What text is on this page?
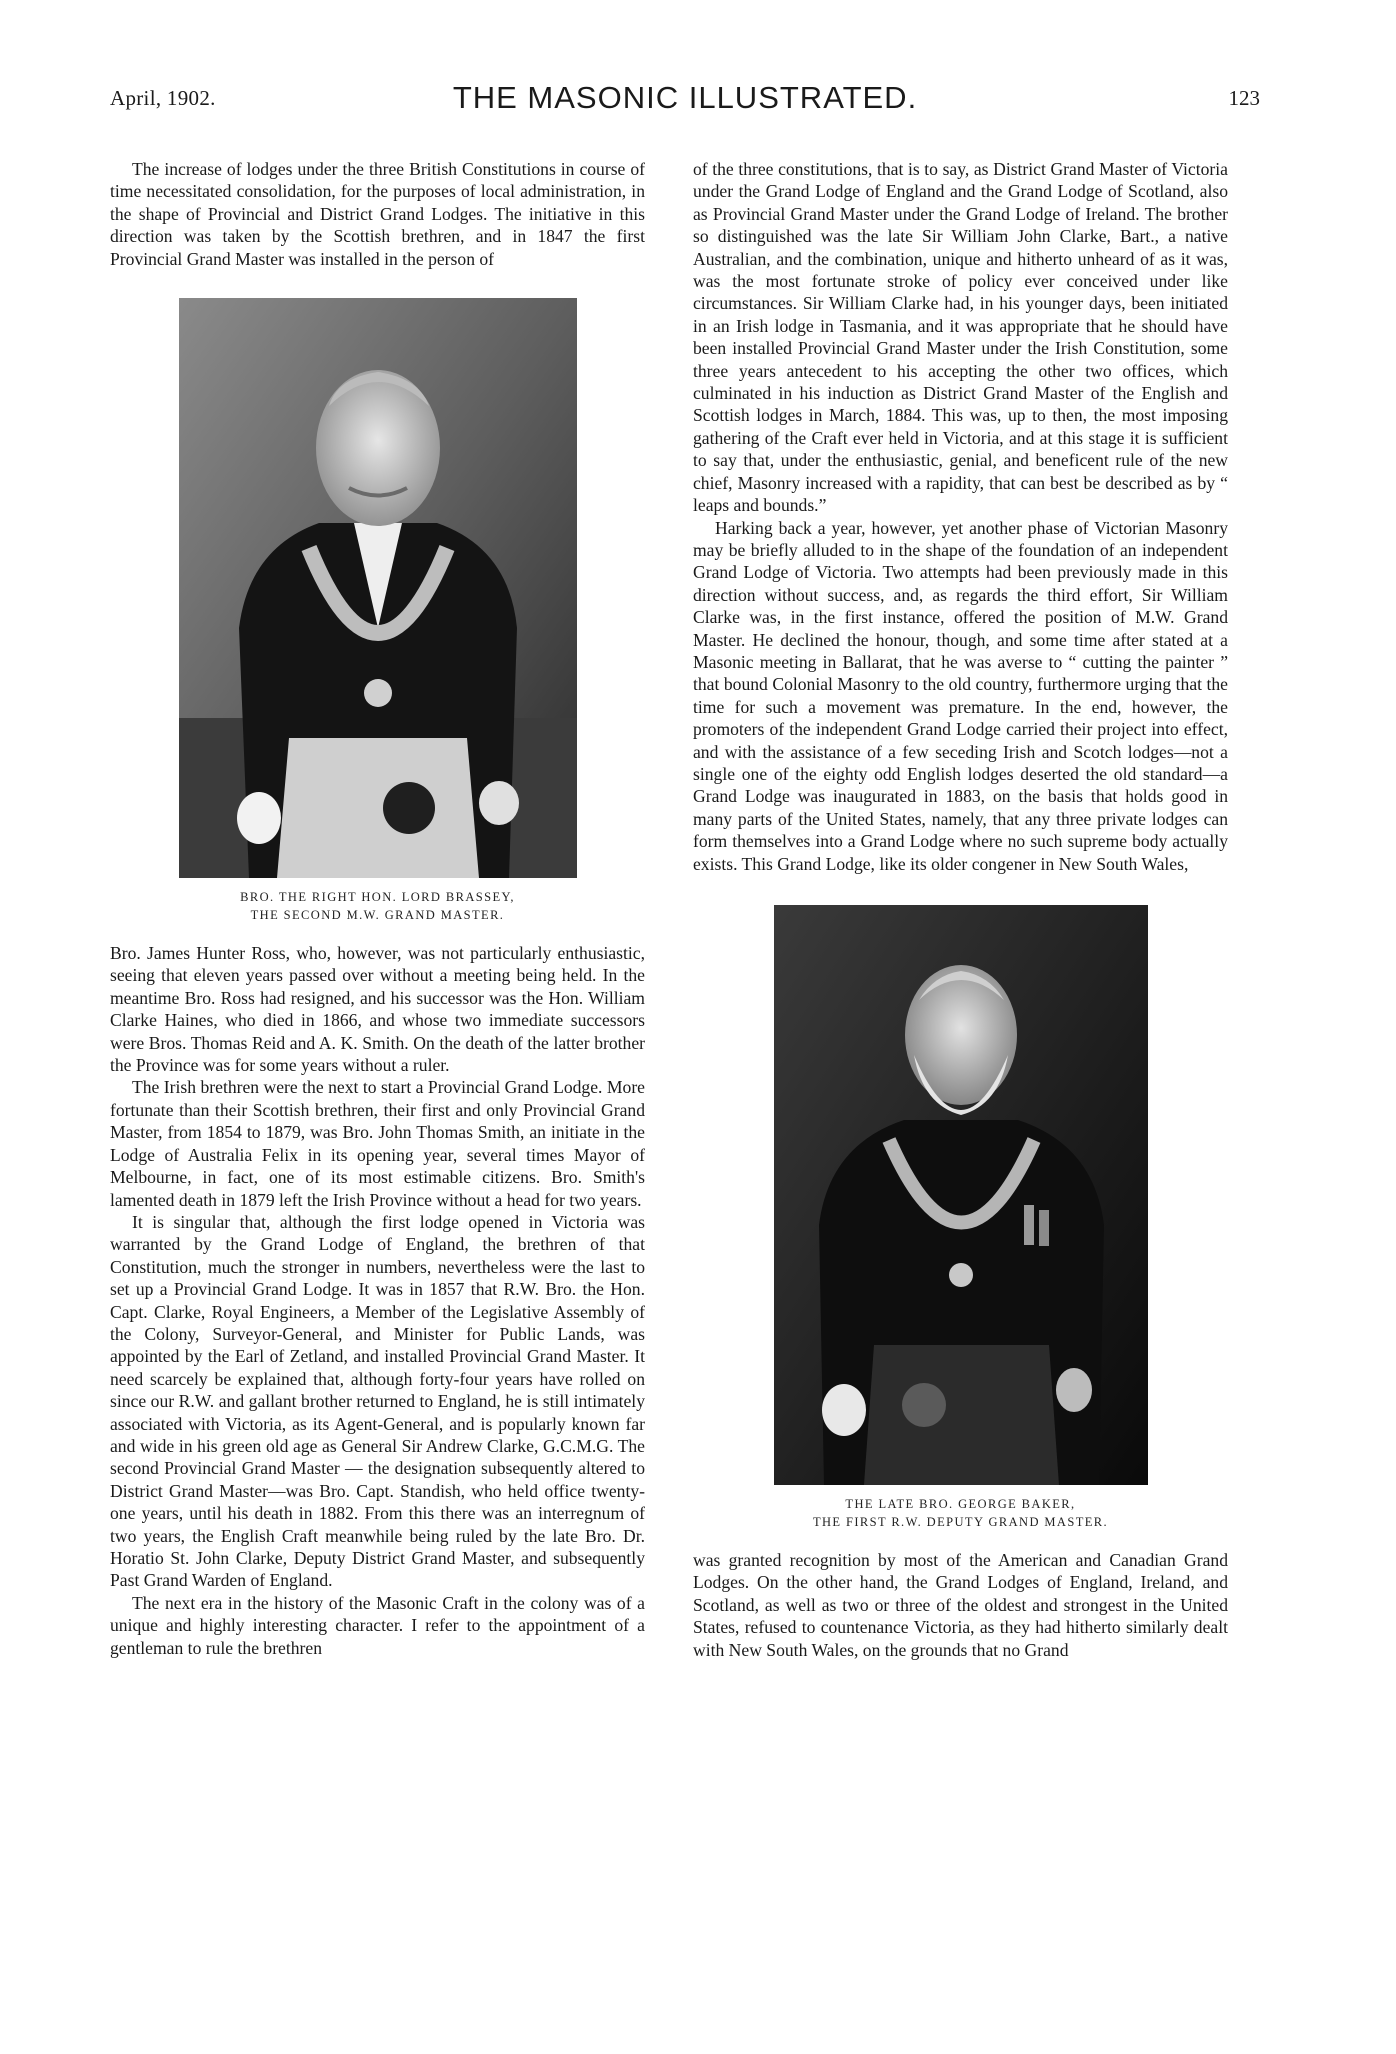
April, 1902.	THE MASONIC ILLUSTRATED.	123

The increase of lodges under the three British Constitutions in course of time necessitated consolidation, for the purposes of local administration, in the shape of Provincial and District Grand Lodges. The initiative in this direction was taken by the Scottish brethren, and in 1847 the first Provincial Grand Master was installed in the person of

BRO. THE RIGHT HON. LORD BRASSEY,
THE SECOND M.W. GRAND MASTER.

Bro. James Hunter Ross, who, however, was not particularly enthusiastic, seeing that eleven years passed over without a meeting being held. In the meantime Bro. Ross had resigned, and his successor was the Hon. William Clarke Haines, who died in 1866, and whose two immediate successors were Bros. Thomas Reid and A. K. Smith. On the death of the latter brother the Province was for some years without a ruler.

The Irish brethren were the next to start a Provincial Grand Lodge. More fortunate than their Scottish brethren, their first and only Provincial Grand Master, from 1854 to 1879, was Bro. John Thomas Smith, an initiate in the Lodge of Australia Felix in its opening year, several times Mayor of Melbourne, in fact, one of its most estimable citizens. Bro. Smith's lamented death in 1879 left the Irish Province without a head for two years.

It is singular that, although the first lodge opened in Victoria was warranted by the Grand Lodge of England, the brethren of that Constitution, much the stronger in numbers, nevertheless were the last to set up a Provincial Grand Lodge. It was in 1857 that R.W. Bro. the Hon. Capt. Clarke, Royal Engineers, a Member of the Legislative Assembly of the Colony, Surveyor-General, and Minister for Public Lands, was appointed by the Earl of Zetland, and installed Provincial Grand Master. It need scarcely be explained that, although forty-four years have rolled on since our R.W. and gallant brother returned to England, he is still intimately associated with Victoria, as its Agent-General, and is popularly known far and wide in his green old age as General Sir Andrew Clarke, G.C.M.G. The second Provincial Grand Master — the designation subsequently altered to District Grand Master—was Bro. Capt. Standish, who held office twenty-one years, until his death in 1882. From this there was an interregnum of two years, the English Craft meanwhile being ruled by the late Bro. Dr. Horatio St. John Clarke, Deputy District Grand Master, and subsequently Past Grand Warden of England.

The next era in the history of the Masonic Craft in the colony was of a unique and highly interesting character. I refer to the appointment of a gentleman to rule the brethren

of the three constitutions, that is to say, as District Grand Master of Victoria under the Grand Lodge of England and the Grand Lodge of Scotland, also as Provincial Grand Master under the Grand Lodge of Ireland. The brother so distinguished was the late Sir William John Clarke, Bart., a native Australian, and the combination, unique and hitherto unheard of as it was, was the most fortunate stroke of policy ever conceived under like circumstances. Sir William Clarke had, in his younger days, been initiated in an Irish lodge in Tasmania, and it was appropriate that he should have been installed Provincial Grand Master under the Irish Constitution, some three years antecedent to his accepting the other two offices, which culminated in his induction as District Grand Master of the English and Scottish lodges in March, 1884. This was, up to then, the most imposing gathering of the Craft ever held in Victoria, and at this stage it is sufficient to say that, under the enthusiastic, genial, and beneficent rule of the new chief, Masonry increased with a rapidity, that can best be described as by “ leaps and bounds.”

Harking back a year, however, yet another phase of Victorian Masonry may be briefly alluded to in the shape of the foundation of an independent Grand Lodge of Victoria. Two attempts had been previously made in this direction without success, and, as regards the third effort, Sir William Clarke was, in the first instance, offered the position of M.W. Grand Master. He declined the honour, though, and some time after stated at a Masonic meeting in Ballarat, that he was averse to “ cutting the painter ” that bound Colonial Masonry to the old country, furthermore urging that the time for such a movement was premature. In the end, however, the promoters of the independent Grand Lodge carried their project into effect, and with the assistance of a few seceding Irish and Scotch lodges—not a single one of the eighty odd English lodges deserted the old standard—a Grand Lodge was inaugurated in 1883, on the basis that holds good in many parts of the United States, namely, that any three private lodges can form themselves into a Grand Lodge where no such supreme body actually exists. This Grand Lodge, like its older congener in New South Wales,

THE LATE BRO. GEORGE BAKER,
THE FIRST R.W. DEPUTY GRAND MASTER.

was granted recognition by most of the American and Canadian Grand Lodges. On the other hand, the Grand Lodges of England, Ireland, and Scotland, as well as two or three of the oldest and strongest in the United States, refused to countenance Victoria, as they had hitherto similarly dealt with New South Wales, on the grounds that no Grand
